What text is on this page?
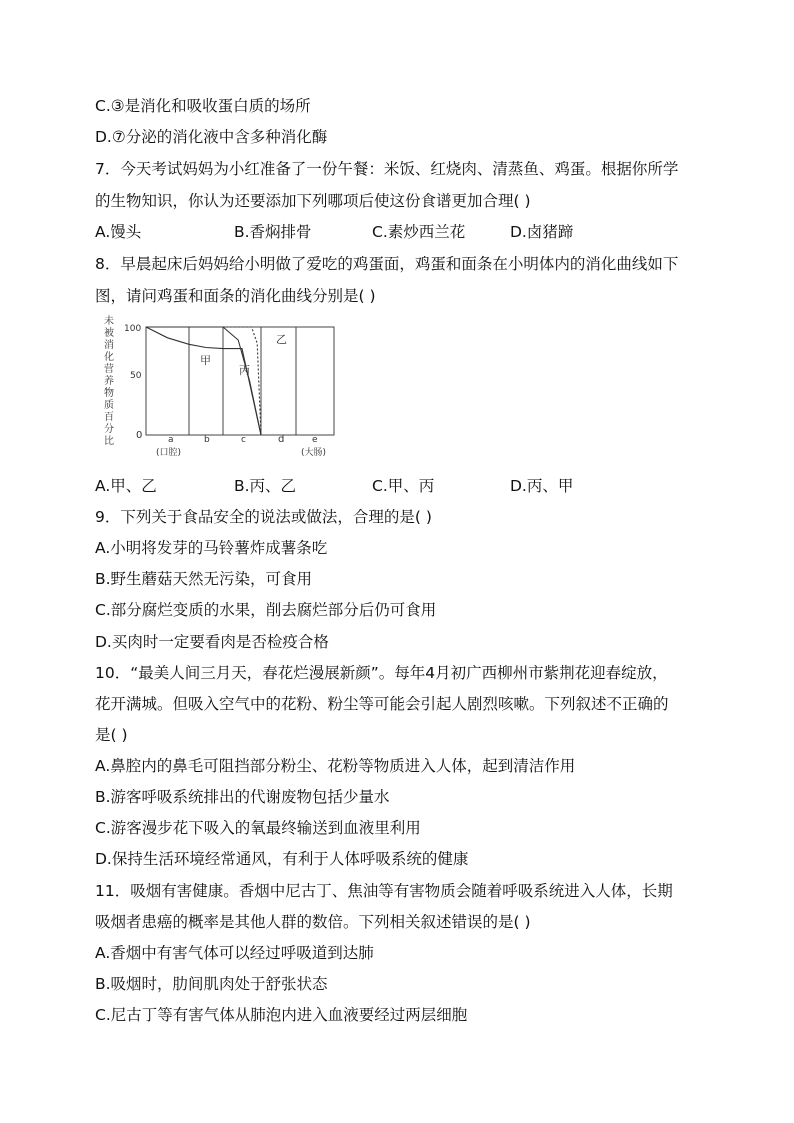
C.③是消化和吸收蛋白质的场所
D.⑦分泌的消化液中含多种消化酶
7．今天考试妈妈为小红准备了一份午餐：米饭、红烧肉、清蒸鱼、鸡蛋。根据你所学
的生物知识，你认为还要添加下列哪项后使这份食谱更加合理( )
A.馒头	B.香焖排骨	C.素炒西兰花	D.卤猪蹄
8．早晨起床后妈妈给小明做了爱吃的鸡蛋面，鸡蛋和面条在小明体内的消化曲线如下
图，请问鸡蛋和面条的消化曲线分别是( )
未
被
消
化
营
养
物
质
百
分
比
100
50
0
甲
丙
乙
a	b	c	d	e
(口腔)	(大肠)
A.甲、乙	B.丙、乙	C.甲、丙	D.丙、甲
9．下列关于食品安全的说法或做法，合理的是( )
A.小明将发芽的马铃薯炸成薯条吃
B.野生蘑菇天然无污染，可食用
C.部分腐烂变质的水果，削去腐烂部分后仍可食用
D.买肉时一定要看肉是否检疫合格
10．“最美人间三月天，春花烂漫展新颜”。每年4月初广西柳州市紫荆花迎春绽放，
花开满城。但吸入空气中的花粉、粉尘等可能会引起人剧烈咳嗽。下列叙述不正确的
是( )
A.鼻腔内的鼻毛可阻挡部分粉尘、花粉等物质进入人体，起到清洁作用
B.游客呼吸系统排出的代谢废物包括少量水
C.游客漫步花下吸入的氧最终输送到血液里利用
D.保持生活环境经常通风，有利于人体呼吸系统的健康
11．吸烟有害健康。香烟中尼古丁、焦油等有害物质会随着呼吸系统进入人体，长期
吸烟者患癌的概率是其他人群的数倍。下列相关叙述错误的是( )
A.香烟中有害气体可以经过呼吸道到达肺
B.吸烟时，肋间肌肉处于舒张状态
C.尼古丁等有害气体从肺泡内进入血液要经过两层细胞
